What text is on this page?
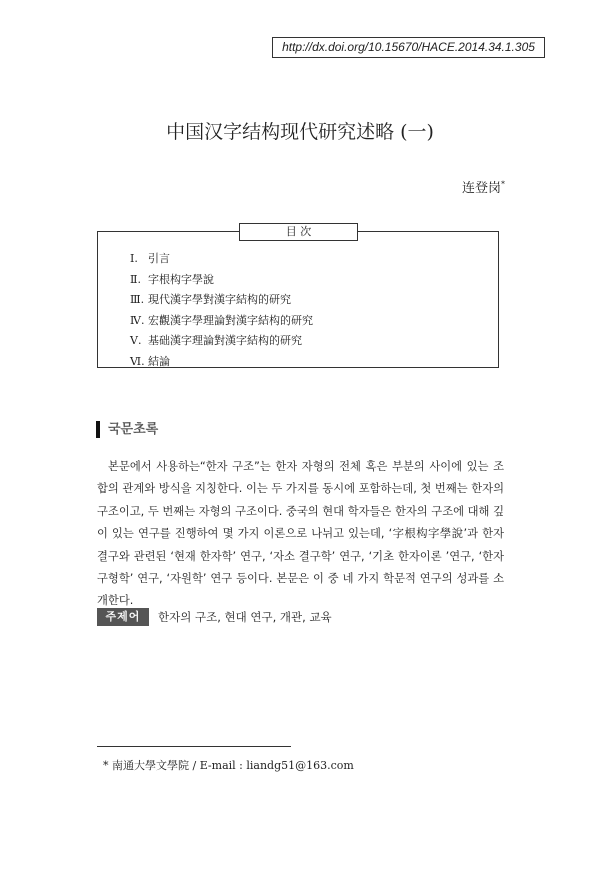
http://dx.doi.org/10.15670/HACE.2014.34.1.305
中国汉字结构现代研究述略 (一)
连登岗*
目 次
Ⅰ. 引言
Ⅱ. 字根构字學說
Ⅲ. 現代漢字學對漢字結构的研究
Ⅳ. 宏觀漢字學理論對漢字結构的研究
Ⅴ. 基础漢字理論對漢字結构的研究
Ⅵ. 結論
국문초록

본문에서 사용하는“한자 구조”는 한자 자형의 전체 혹은 부분의 사이에 있는 조합의 관계와 방식을 지칭한다. 이는 두 가지를 동시에 포함하는데, 첫 번째는 한자의 구조이고, 두 번째는 자형의 구조이다. 중국의 현대 학자들은 한자의 구조에 대해 깊이 있는 연구를 진행하여 몇 가지 이론으로 나뉘고 있는데, ‘字根构字學說’과 한자 결구와 관련된 ‘현재 한자학’ 연구, ‘자소 결구학’ 연구, ‘기초 한자이론 ’연구, ‘한자 구형학’ 연구, ‘자원학’ 연구 등이다. 본문은 이 중 네 가지 학문적 연구의 성과를 소개한다.

주제어	한자의 구조, 현대 연구, 개관, 교육
* 南通大學文學院 / E-mail : liandg51@163.com
